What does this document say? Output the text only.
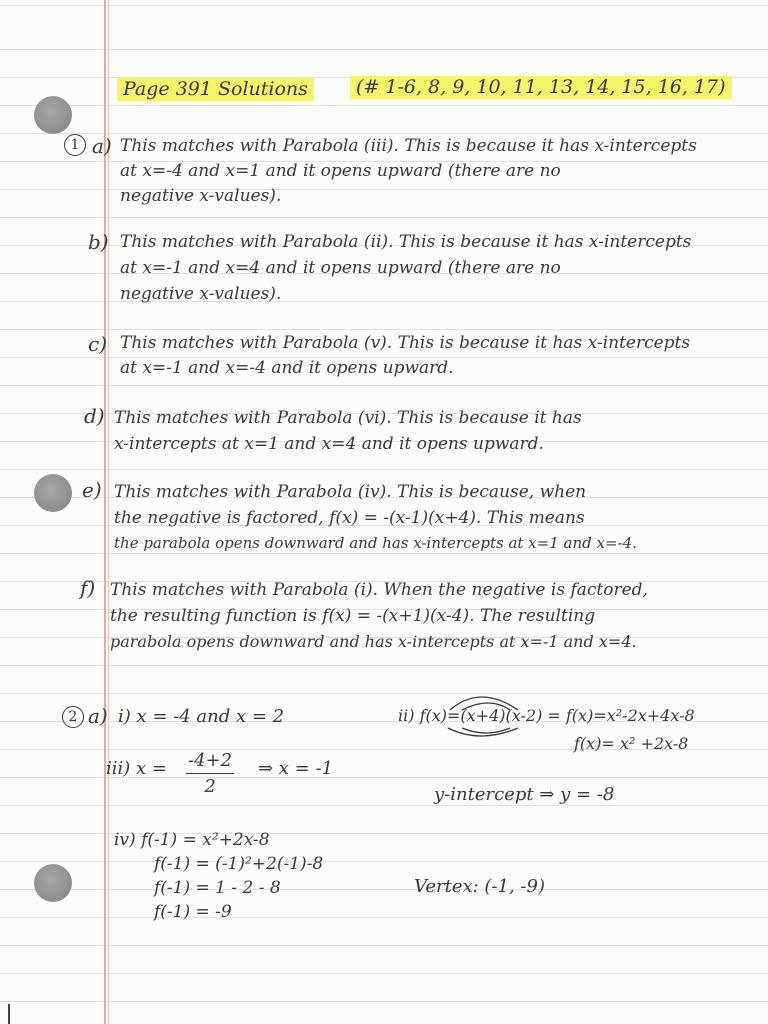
Page 391 Solutions	(# 1-6, 8, 9, 10, 11, 13, 14, 15, 16, 17)
1 a) This matches with Parabola (iii). This is because it has x-intercepts
at x=-4 and x=1 and it opens upward (there are no
negative x-values).
b) This matches with Parabola (ii). This is because it has x-intercepts
at x=-1 and x=4 and it opens upward (there are no
negative x-values).
c) This matches with Parabola (v). This is because it has x-intercepts
at x=-1 and x=-4 and it opens upward.
d) This matches with Parabola (vi). This is because it has
x-intercepts at x=1 and x=4 and it opens upward.
e) This matches with Parabola (iv). This is because, when
the negative is factored, f(x) = -(x-1)(x+4). This means
the parabola opens downward and has x-intercepts at x=1 and x=-4.
f) This matches with Parabola (i). When the negative is factored,
the resulting function is f(x) = -(x+1)(x-4). The resulting
parabola opens downward and has x-intercepts at x=-1 and x=4.
2 a) i) x = -4 and x = 2	ii) f(x)=(x+4)(x-2) = f(x)=x²-2x+4x-8
f(x)= x² +2x-8
iii) $x = \frac{-4+2}{2}$ ⇒ x = -1
y-intercept ⇒ y = -8
iv) f(-1) = x²+2x-8
f(-1) = (-1)²+2(-1)-8
f(-1) = 1 - 2 - 8
f(-1) = -9
Vertex: (-1, -9)
